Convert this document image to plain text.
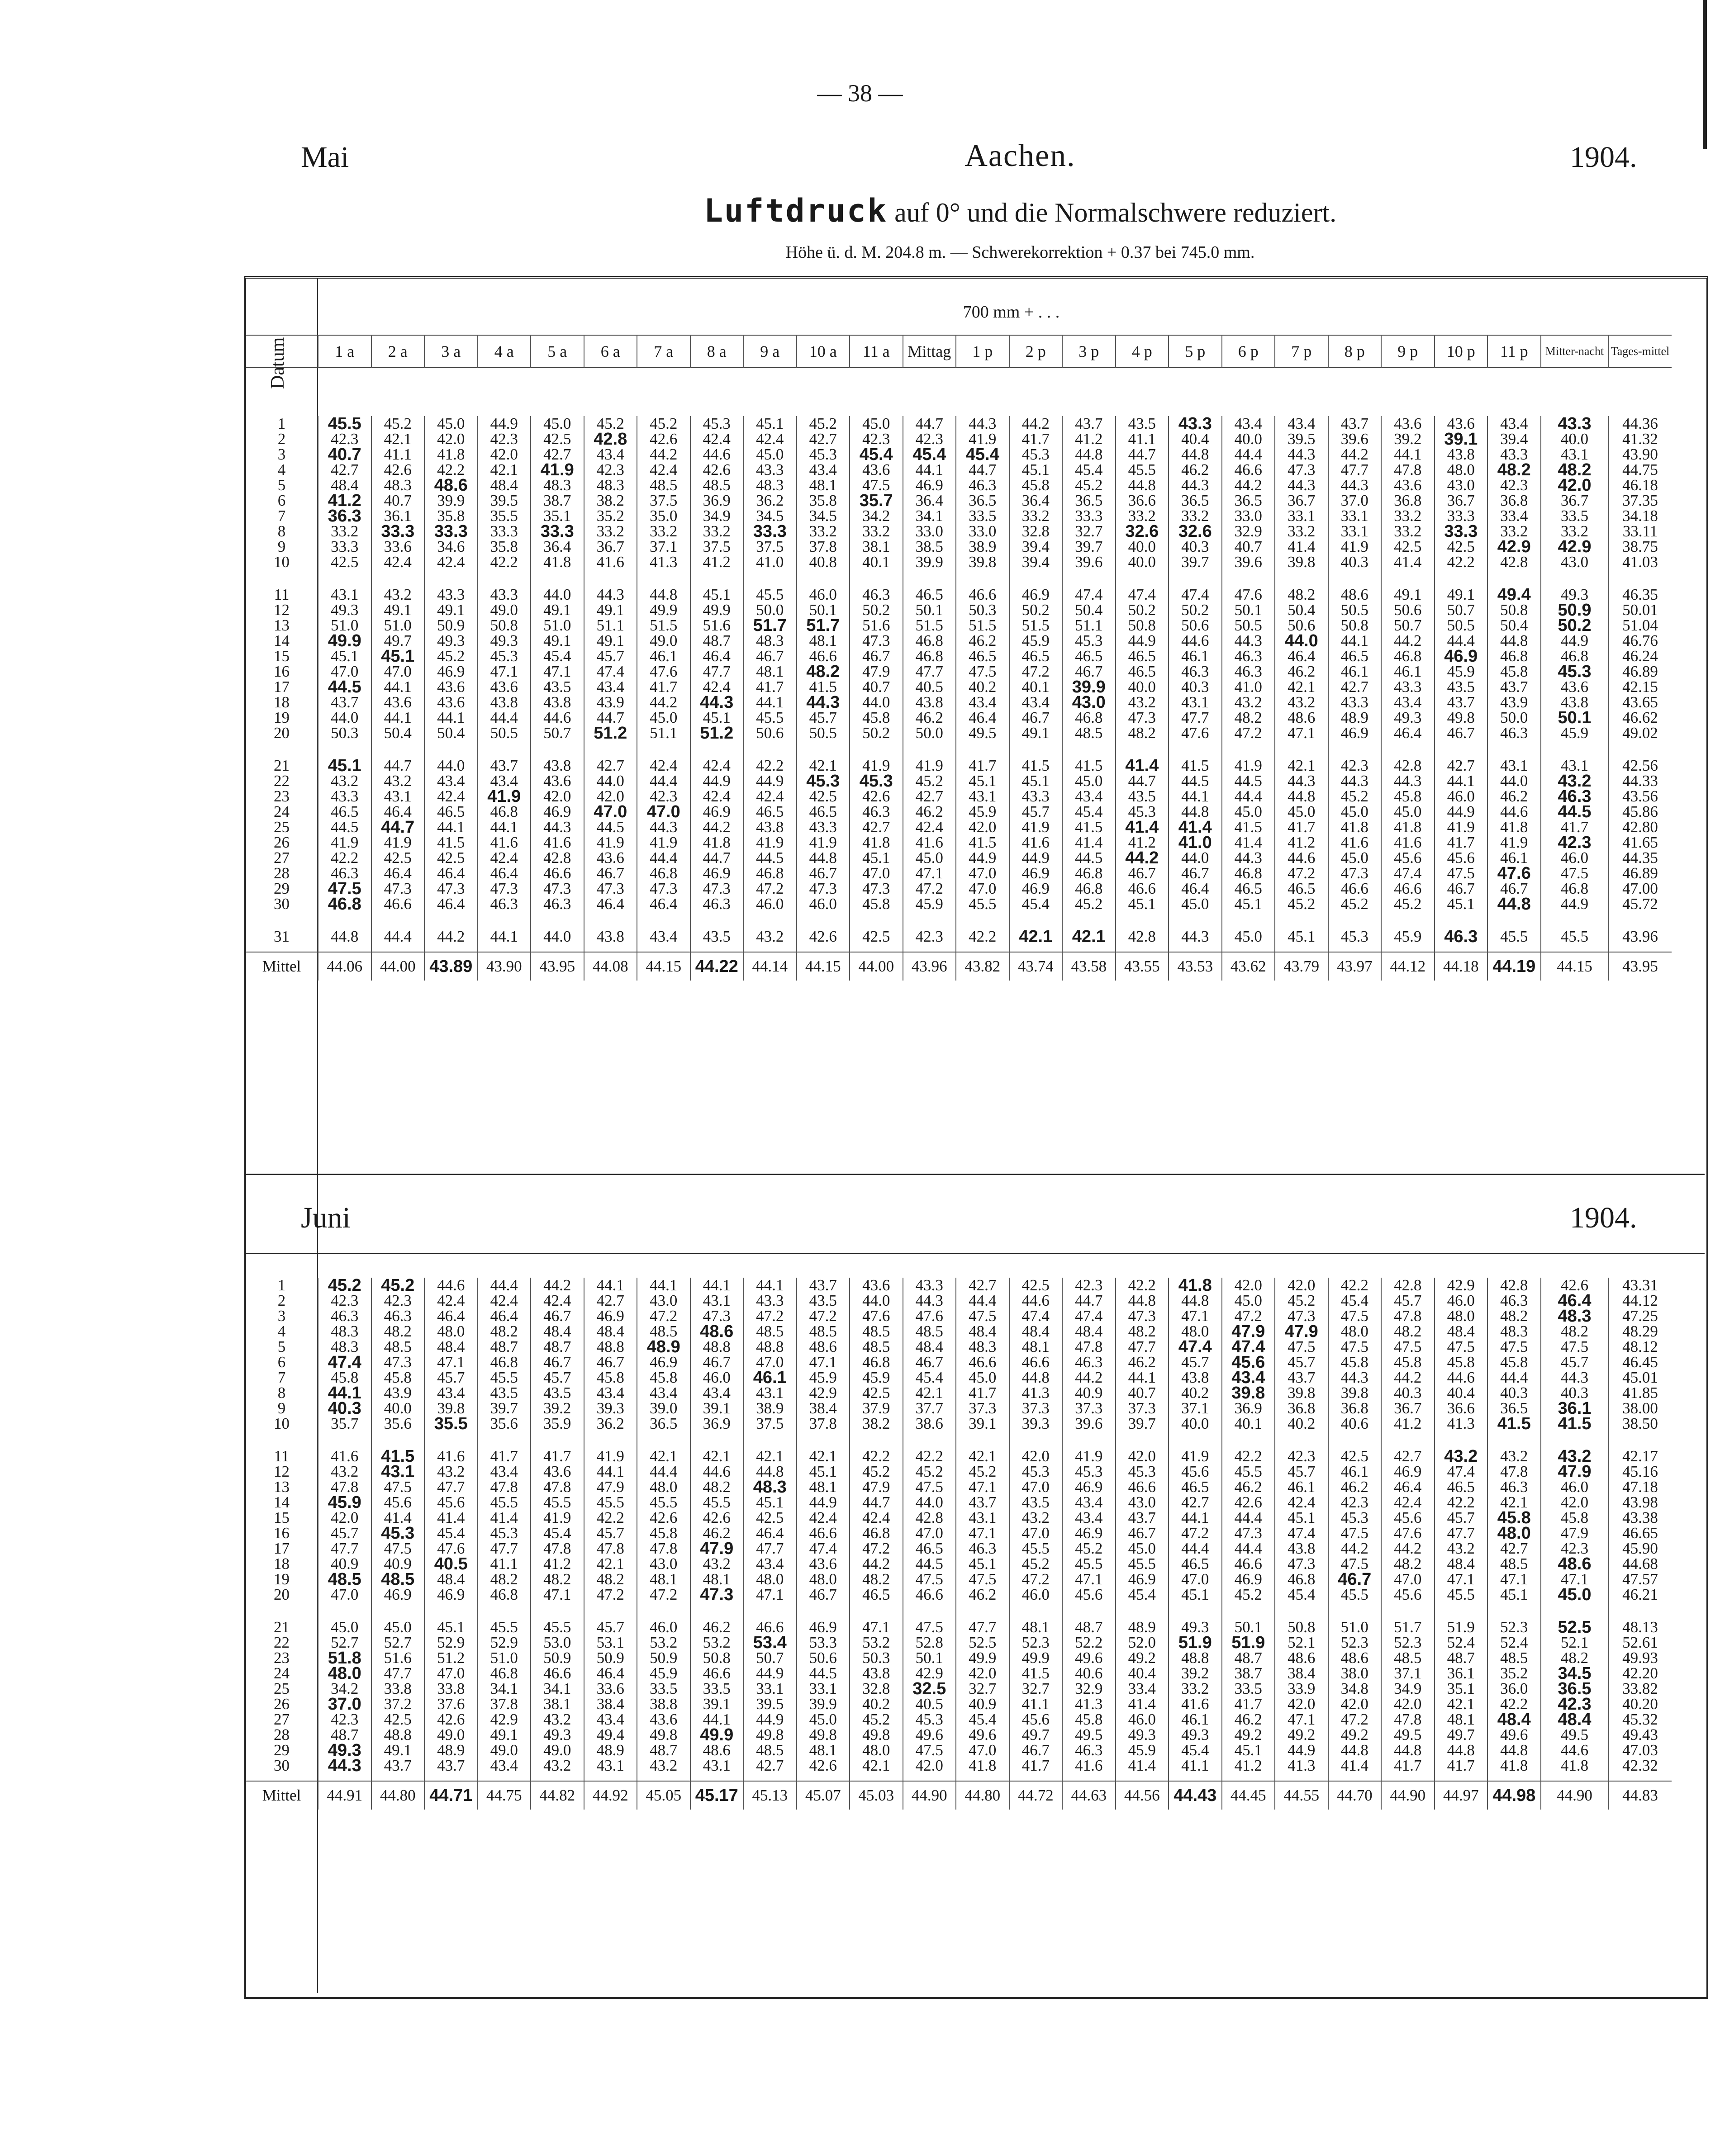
— 38 —
Mai	Aachen.	1904.
Luftdruck auf 0° und die Normalschwere reduziert.
Höhe ü. d. M. 204.8 m. — Schwerekorrektion + 0.37 bei 745.0 mm.
Datum
700 mm + . . .
	1 a	2 a	3 a	4 a	5 a	6 a	7 a	8 a	9 a	10 a	11 a	Mittag	1 p	2 p	3 p	4 p	5 p	6 p	7 p	8 p	9 p	10 p	11 p	Mitter-nacht	Tages-mittel
1	45.5	45.2	45.0	44.9	45.0	45.2	45.2	45.3	45.1	45.2	45.0	44.7	44.3	44.2	43.7	43.5	43.3	43.4	43.4	43.7	43.6	43.6	43.4	43.3	44.36
2	42.3	42.1	42.0	42.3	42.5	42.8	42.6	42.4	42.4	42.7	42.3	42.3	41.9	41.7	41.2	41.1	40.4	40.0	39.5	39.6	39.2	39.1	39.4	40.0	41.32
3	40.7	41.1	41.8	42.0	42.7	43.4	44.2	44.6	45.0	45.3	45.4	45.4	45.4	45.3	44.8	44.7	44.8	44.4	44.3	44.2	44.1	43.8	43.3	43.1	43.90
4	42.7	42.6	42.2	42.1	41.9	42.3	42.4	42.6	43.3	43.4	43.6	44.1	44.7	45.1	45.4	45.5	46.2	46.6	47.3	47.7	47.8	48.0	48.2	48.2	44.75
5	48.4	48.3	48.6	48.4	48.3	48.3	48.5	48.5	48.3	48.1	47.5	46.9	46.3	45.8	45.2	44.8	44.3	44.2	44.3	44.3	43.6	43.0	42.3	42.0	46.18
6	41.2	40.7	39.9	39.5	38.7	38.2	37.5	36.9	36.2	35.8	35.7	36.4	36.5	36.4	36.5	36.6	36.5	36.5	36.7	37.0	36.8	36.7	36.8	36.7	37.35
7	36.3	36.1	35.8	35.5	35.1	35.2	35.0	34.9	34.5	34.5	34.2	34.1	33.5	33.2	33.3	33.2	33.2	33.0	33.1	33.1	33.2	33.3	33.4	33.5	34.18
8	33.2	33.3	33.3	33.3	33.3	33.2	33.2	33.2	33.3	33.2	33.2	33.0	33.0	32.8	32.7	32.6	32.6	32.9	33.2	33.1	33.2	33.3	33.2	33.2	33.11
9	33.3	33.6	34.6	35.8	36.4	36.7	37.1	37.5	37.5	37.8	38.1	38.5	38.9	39.4	39.7	40.0	40.3	40.7	41.4	41.9	42.5	42.5	42.9	42.9	38.75
10	42.5	42.4	42.4	42.2	41.8	41.6	41.3	41.2	41.0	40.8	40.1	39.9	39.8	39.4	39.6	40.0	39.7	39.6	39.8	40.3	41.4	42.2	42.8	43.0	41.03

11	43.1	43.2	43.3	43.3	44.0	44.3	44.8	45.1	45.5	46.0	46.3	46.5	46.6	46.9	47.4	47.4	47.4	47.6	48.2	48.6	49.1	49.1	49.4	49.3	46.35
12	49.3	49.1	49.1	49.0	49.1	49.1	49.9	49.9	50.0	50.1	50.2	50.1	50.3	50.2	50.4	50.2	50.2	50.1	50.4	50.5	50.6	50.7	50.8	50.9	50.01
13	51.0	51.0	50.9	50.8	51.0	51.1	51.5	51.6	51.7	51.7	51.6	51.5	51.5	51.5	51.1	50.8	50.6	50.5	50.6	50.8	50.7	50.5	50.4	50.2	51.04
14	49.9	49.7	49.3	49.3	49.1	49.1	49.0	48.7	48.3	48.1	47.3	46.8	46.2	45.9	45.3	44.9	44.6	44.3	44.0	44.1	44.2	44.4	44.8	44.9	46.76
15	45.1	45.1	45.2	45.3	45.4	45.7	46.1	46.4	46.7	46.6	46.7	46.8	46.5	46.5	46.5	46.5	46.1	46.3	46.4	46.5	46.8	46.9	46.8	46.8	46.24
16	47.0	47.0	46.9	47.1	47.1	47.4	47.6	47.7	48.1	48.2	47.9	47.7	47.5	47.2	46.7	46.5	46.3	46.3	46.2	46.1	46.1	45.9	45.8	45.3	46.89
17	44.5	44.1	43.6	43.6	43.5	43.4	41.7	42.4	41.7	41.5	40.7	40.5	40.2	40.1	39.9	40.0	40.3	41.0	42.1	42.7	43.3	43.5	43.7	43.6	42.15
18	43.7	43.6	43.6	43.8	43.8	43.9	44.2	44.3	44.1	44.3	44.0	43.8	43.4	43.4	43.0	43.2	43.1	43.2	43.2	43.3	43.4	43.7	43.9	43.8	43.65
19	44.0	44.1	44.1	44.4	44.6	44.7	45.0	45.1	45.5	45.7	45.8	46.2	46.4	46.7	46.8	47.3	47.7	48.2	48.6	48.9	49.3	49.8	50.0	50.1	46.62
20	50.3	50.4	50.4	50.5	50.7	51.2	51.1	51.2	50.6	50.5	50.2	50.0	49.5	49.1	48.5	48.2	47.6	47.2	47.1	46.9	46.4	46.7	46.3	45.9	49.02

21	45.1	44.7	44.0	43.7	43.8	42.7	42.4	42.4	42.2	42.1	41.9	41.9	41.7	41.5	41.5	41.4	41.5	41.9	42.1	42.3	42.8	42.7	43.1	43.1	42.56
22	43.2	43.2	43.4	43.4	43.6	44.0	44.4	44.9	44.9	45.3	45.3	45.2	45.1	45.1	45.0	44.7	44.5	44.5	44.3	44.3	44.3	44.1	44.0	43.2	44.33
23	43.3	43.1	42.4	41.9	42.0	42.0	42.3	42.4	42.4	42.5	42.6	42.7	43.1	43.3	43.4	43.5	44.1	44.4	44.8	45.2	45.8	46.0	46.2	46.3	43.56
24	46.5	46.4	46.5	46.8	46.9	47.0	47.0	46.9	46.5	46.5	46.3	46.2	45.9	45.7	45.4	45.3	44.8	45.0	45.0	45.0	45.0	44.9	44.6	44.5	45.86
25	44.5	44.7	44.1	44.1	44.3	44.5	44.3	44.2	43.8	43.3	42.7	42.4	42.0	41.9	41.5	41.4	41.4	41.5	41.7	41.8	41.8	41.9	41.8	41.7	42.80
26	41.9	41.9	41.5	41.6	41.6	41.9	41.9	41.8	41.9	41.9	41.8	41.6	41.5	41.6	41.4	41.2	41.0	41.4	41.2	41.6	41.6	41.7	41.9	42.3	41.65
27	42.2	42.5	42.5	42.4	42.8	43.6	44.4	44.7	44.5	44.8	45.1	45.0	44.9	44.9	44.5	44.2	44.0	44.3	44.6	45.0	45.6	45.6	46.1	46.0	44.35
28	46.3	46.4	46.4	46.4	46.6	46.7	46.8	46.9	46.8	46.7	47.0	47.1	47.0	46.9	46.8	46.7	46.7	46.8	47.2	47.3	47.4	47.5	47.6	47.5	46.89
29	47.5	47.3	47.3	47.3	47.3	47.3	47.3	47.3	47.2	47.3	47.3	47.2	47.0	46.9	46.8	46.6	46.4	46.5	46.5	46.6	46.6	46.7	46.7	46.8	47.00
30	46.8	46.6	46.4	46.3	46.3	46.4	46.4	46.3	46.0	46.0	45.8	45.9	45.5	45.4	45.2	45.1	45.0	45.1	45.2	45.2	45.2	45.1	44.8	44.9	45.72

31	44.8	44.4	44.2	44.1	44.0	43.8	43.4	43.5	43.2	42.6	42.5	42.3	42.2	42.1	42.1	42.8	44.3	45.0	45.1	45.3	45.9	46.3	45.5	45.5	43.96

Mittel	44.06	44.00	43.89	43.90	43.95	44.08	44.15	44.22	44.14	44.15	44.00	43.96	43.82	43.74	43.58	43.55	43.53	43.62	43.79	43.97	44.12	44.18	44.19	44.15	43.95
Juni	1904.
1	45.2	45.2	44.6	44.4	44.2	44.1	44.1	44.1	44.1	43.7	43.6	43.3	42.7	42.5	42.3	42.2	41.8	42.0	42.0	42.2	42.8	42.9	42.8	42.6	43.31
2	42.3	42.3	42.4	42.4	42.4	42.7	43.0	43.1	43.3	43.5	44.0	44.3	44.4	44.6	44.7	44.8	44.8	45.0	45.2	45.4	45.7	46.0	46.3	46.4	44.12
3	46.3	46.3	46.4	46.4	46.7	46.9	47.2	47.3	47.2	47.2	47.6	47.6	47.5	47.4	47.4	47.3	47.1	47.2	47.3	47.5	47.8	48.0	48.2	48.3	47.25
4	48.3	48.2	48.0	48.2	48.4	48.4	48.5	48.6	48.5	48.5	48.5	48.5	48.4	48.4	48.4	48.2	48.0	47.9	47.9	48.0	48.2	48.4	48.3	48.2	48.29
5	48.3	48.5	48.4	48.7	48.7	48.8	48.9	48.8	48.8	48.6	48.5	48.4	48.3	48.1	47.8	47.7	47.4	47.4	47.5	47.5	47.5	47.5	47.5	47.5	48.12
6	47.4	47.3	47.1	46.8	46.7	46.7	46.9	46.7	47.0	47.1	46.8	46.7	46.6	46.6	46.3	46.2	45.7	45.6	45.7	45.8	45.8	45.8	45.8	45.7	46.45
7	45.8	45.8	45.7	45.5	45.7	45.8	45.8	46.0	46.1	45.9	45.9	45.4	45.0	44.8	44.2	44.1	43.8	43.4	43.7	44.3	44.2	44.6	44.4	44.3	45.01
8	44.1	43.9	43.4	43.5	43.5	43.4	43.4	43.4	43.1	42.9	42.5	42.1	41.7	41.3	40.9	40.7	40.2	39.8	39.8	39.8	40.3	40.4	40.3	40.3	41.85
9	40.3	40.0	39.8	39.7	39.2	39.3	39.0	39.1	38.9	38.4	37.9	37.7	37.3	37.3	37.3	37.3	37.1	36.9	36.8	36.8	36.7	36.6	36.5	36.1	38.00
10	35.7	35.6	35.5	35.6	35.9	36.2	36.5	36.9	37.5	37.8	38.2	38.6	39.1	39.3	39.6	39.7	40.0	40.1	40.2	40.6	41.2	41.3	41.5	41.5	38.50

11	41.6	41.5	41.6	41.7	41.7	41.9	42.1	42.1	42.1	42.1	42.2	42.2	42.1	42.0	41.9	42.0	41.9	42.2	42.3	42.5	42.7	43.2	43.2	43.2	42.17
12	43.2	43.1	43.2	43.4	43.6	44.1	44.4	44.6	44.8	45.1	45.2	45.2	45.2	45.3	45.3	45.3	45.6	45.5	45.7	46.1	46.9	47.4	47.8	47.9	45.16
13	47.8	47.5	47.7	47.8	47.8	47.9	48.0	48.2	48.3	48.1	47.9	47.5	47.1	47.0	46.9	46.6	46.5	46.2	46.1	46.2	46.4	46.5	46.3	46.0	47.18
14	45.9	45.6	45.6	45.5	45.5	45.5	45.5	45.5	45.1	44.9	44.7	44.0	43.7	43.5	43.4	43.0	42.7	42.6	42.4	42.3	42.4	42.2	42.1	42.0	43.98
15	42.0	41.4	41.4	41.4	41.9	42.2	42.6	42.6	42.5	42.4	42.4	42.8	43.1	43.2	43.4	43.7	44.1	44.4	45.1	45.3	45.6	45.7	45.8	45.8	43.38
16	45.7	45.3	45.4	45.3	45.4	45.7	45.8	46.2	46.4	46.6	46.8	47.0	47.1	47.0	46.9	46.7	47.2	47.3	47.4	47.5	47.6	47.7	48.0	47.9	46.65
17	47.7	47.5	47.6	47.7	47.8	47.8	47.8	47.9	47.7	47.4	47.2	46.5	46.3	45.5	45.2	45.0	44.4	44.4	43.8	44.2	44.2	43.2	42.7	42.3	45.90
18	40.9	40.9	40.5	41.1	41.2	42.1	43.0	43.2	43.4	43.6	44.2	44.5	45.1	45.2	45.5	45.5	46.5	46.6	47.3	47.5	48.2	48.4	48.5	48.6	44.68
19	48.5	48.5	48.4	48.2	48.2	48.2	48.1	48.1	48.0	48.0	48.2	47.5	47.5	47.2	47.1	46.9	47.0	46.9	46.8	46.7	47.0	47.1	47.1	47.1	47.57
20	47.0	46.9	46.9	46.8	47.1	47.2	47.2	47.3	47.1	46.7	46.5	46.6	46.2	46.0	45.6	45.4	45.1	45.2	45.4	45.5	45.6	45.5	45.1	45.0	46.21

21	45.0	45.0	45.1	45.5	45.5	45.7	46.0	46.2	46.6	46.9	47.1	47.5	47.7	48.1	48.7	48.9	49.3	50.1	50.8	51.0	51.7	51.9	52.3	52.5	48.13
22	52.7	52.7	52.9	52.9	53.0	53.1	53.2	53.2	53.4	53.3	53.2	52.8	52.5	52.3	52.2	52.0	51.9	51.9	52.1	52.3	52.3	52.4	52.4	52.1	52.61
23	51.8	51.6	51.2	51.0	50.9	50.9	50.9	50.8	50.7	50.6	50.3	50.1	49.9	49.9	49.6	49.2	48.8	48.7	48.6	48.6	48.5	48.7	48.5	48.2	49.93
24	48.0	47.7	47.0	46.8	46.6	46.4	45.9	46.6	44.9	44.5	43.8	42.9	42.0	41.5	40.6	40.4	39.2	38.7	38.4	38.0	37.1	36.1	35.2	34.5	42.20
25	34.2	33.8	33.8	34.1	34.1	33.6	33.5	33.5	33.1	33.1	32.8	32.5	32.7	32.7	32.9	33.4	33.2	33.5	33.9	34.8	34.9	35.1	36.0	36.5	33.82
26	37.0	37.2	37.6	37.8	38.1	38.4	38.8	39.1	39.5	39.9	40.2	40.5	40.9	41.1	41.3	41.4	41.6	41.7	42.0	42.0	42.0	42.1	42.2	42.3	40.20
27	42.3	42.5	42.6	42.9	43.2	43.4	43.6	44.1	44.9	45.0	45.2	45.3	45.4	45.6	45.8	46.0	46.1	46.2	47.1	47.2	47.8	48.1	48.4	48.4	45.32
28	48.7	48.8	49.0	49.1	49.3	49.4	49.8	49.9	49.8	49.8	49.8	49.6	49.6	49.7	49.5	49.3	49.3	49.2	49.2	49.2	49.5	49.7	49.6	49.5	49.43
29	49.3	49.1	48.9	49.0	49.0	48.9	48.7	48.6	48.5	48.1	48.0	47.5	47.0	46.7	46.3	45.9	45.4	45.1	44.9	44.8	44.8	44.8	44.8	44.6	47.03
30	44.3	43.7	43.7	43.4	43.2	43.1	43.2	43.1	42.7	42.6	42.1	42.0	41.8	41.7	41.6	41.4	41.1	41.2	41.3	41.4	41.7	41.7	41.8	41.8	42.32

Mittel	44.91	44.80	44.71	44.75	44.82	44.92	45.05	45.17	45.13	45.07	45.03	44.90	44.80	44.72	44.63	44.56	44.43	44.45	44.55	44.70	44.90	44.97	44.98	44.90	44.83
